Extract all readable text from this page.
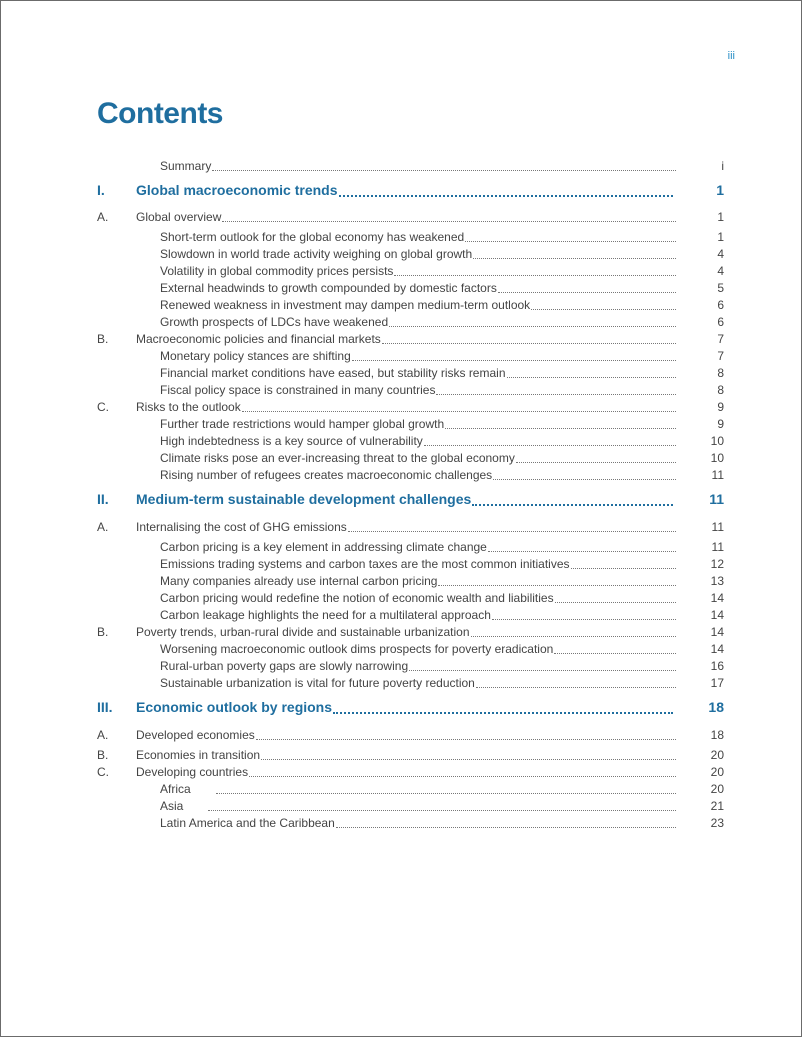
iii
Contents
Summary	i
I. Global macroeconomic trends	1
A. Global overview	1
Short-term outlook for the global economy has weakened	1
Slowdown in world trade activity weighing on global growth	4
Volatility in global commodity prices persists	4
External headwinds to growth compounded by domestic factors	5
Renewed weakness in investment may dampen medium-term outlook	6
Growth prospects of LDCs have weakened	6
B. Macroeconomic policies and financial markets	7
Monetary policy stances are shifting	7
Financial market conditions have eased, but stability risks remain	8
Fiscal policy space is constrained in many countries	8
C. Risks to the outlook	9
Further trade restrictions would hamper global growth	9
High indebtedness is a key source of vulnerability	10
Climate risks pose an ever-increasing threat to the global economy	10
Rising number of refugees creates macroeconomic challenges	11
II. Medium-term sustainable development challenges	11
A. Internalising the cost of GHG emissions	11
Carbon pricing is a key element in addressing climate change	11
Emissions trading systems and carbon taxes are the most common initiatives	12
Many companies already use internal carbon pricing	13
Carbon pricing would redefine the notion of economic wealth and liabilities	14
Carbon leakage highlights the need for a multilateral approach	14
B. Poverty trends, urban-rural divide and sustainable urbanization	14
Worsening macroeconomic outlook dims prospects for poverty eradication	14
Rural-urban poverty gaps are slowly narrowing	16
Sustainable urbanization is vital for future poverty reduction	17
III. Economic outlook by regions	18
A. Developed economies	18
B. Economies in transition	20
C. Developing countries	20
Africa	20
Asia	21
Latin America and the Caribbean	23
